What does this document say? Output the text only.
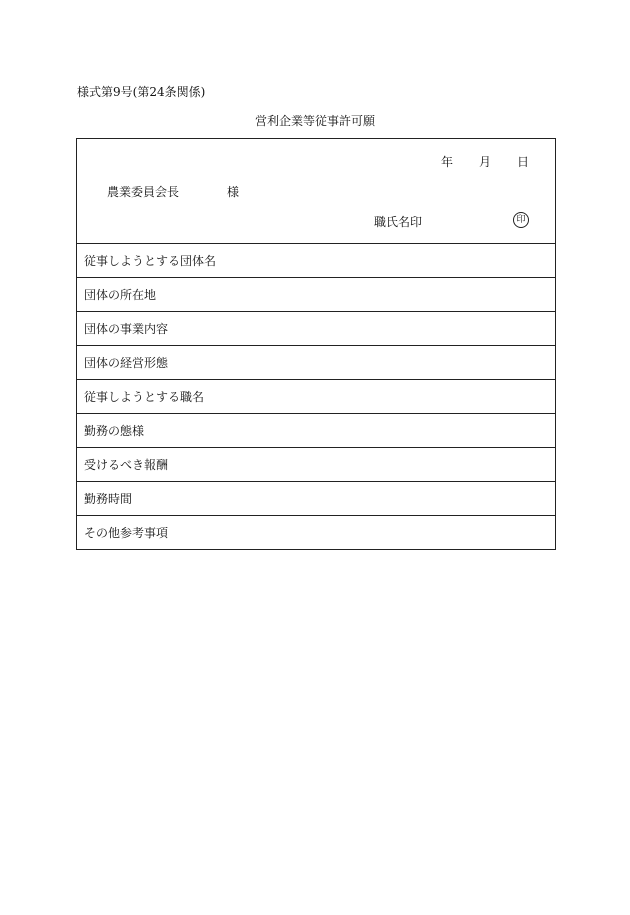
様式第9号(第24条関係)
営利企業等従事許可願
年 月 日
農業委員会長	様
職氏名印	印
従事しようとする団体名
団体の所在地
団体の事業内容
団体の経営形態
従事しようとする職名
勤務の態様
受けるべき報酬
勤務時間
その他参考事項
